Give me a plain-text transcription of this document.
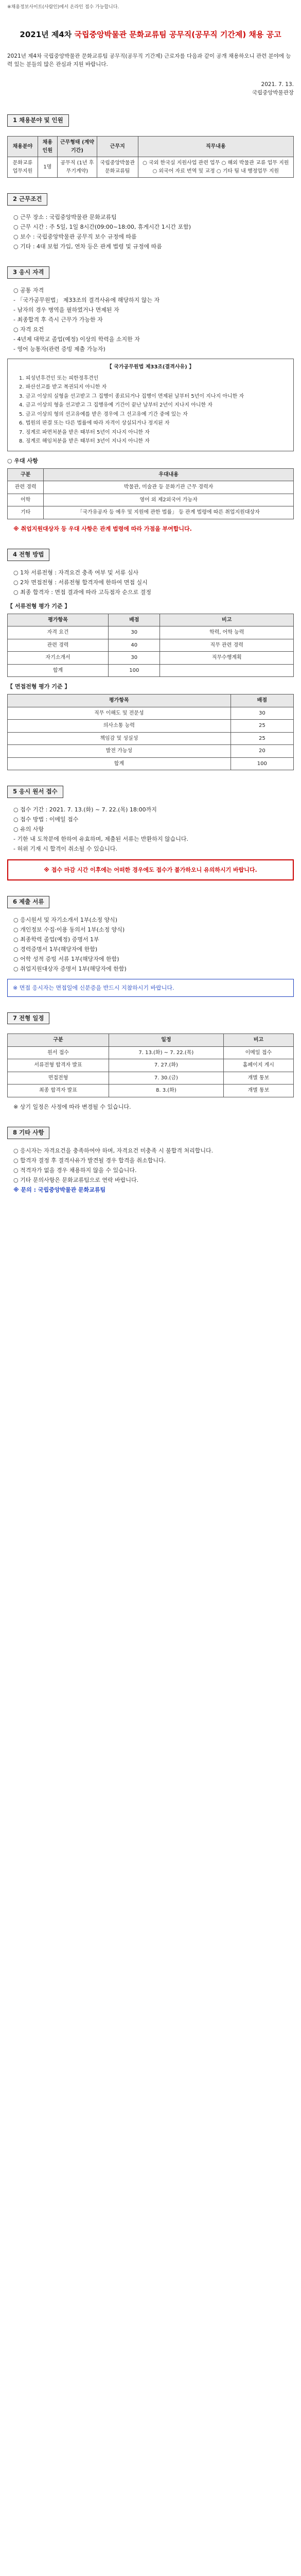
※채용정보사이트(사람인)에서 온라인 접수 가능합니다.
2021년 제4차 국립중앙박물관 문화교류팀 공무직(공무직 기간제) 채용 공고
2021년 제4차 국립중앙박물관 문화교류팀 공무직(공무직 기간제) 근로자를 다음과 같이 공개 채용하오니 관련 분야에 능력 있는 분들의 많은 관심과 지원 바랍니다.
2021. 7. 13.
국립중앙박물관장
1 채용분야 및 인원
채용분야	채용 인원	근무형태 (계약기간)	근무지	직무내용
문화교류 업무지원	1명	공무직 (1년 후 무기계약)	국립중앙박물관 문화교류팀	○ 국외 한국실 지원사업 관련 업무 ○ 해외 박물관 교류 업무 지원 ○ 외국어 자료 번역 및 교정 ○ 기타 팀 내 행정업무 지원
2 근무조건
○ 근무 장소 : 국립중앙박물관 문화교류팀
○ 근무 시간 : 주 5일, 1일 8시간(09:00~18:00, 휴게시간 1시간 포함)
○ 보수 : 국립중앙박물관 공무직 보수 규정에 따름
○ 기타 : 4대 보험 가입, 연차 등은 관계 법령 및 규정에 따름
3 응시 자격
○ 공통 자격
- 「국가공무원법」 제33조의 결격사유에 해당하지 않는 자
- 남자의 경우 병역을 필하였거나 면제된 자
- 최종합격 후 즉시 근무가 가능한 자
○ 자격 요건
- 4년제 대학교 졸업(예정) 이상의 학력을 소지한 자
- 영어 능통자(관련 증빙 제출 가능자)
【 국가공무원법 제33조(결격사유) 】
1. 피성년후견인 또는 피한정후견인
2. 파산선고를 받고 복권되지 아니한 자
3. 금고 이상의 실형을 선고받고 그 집행이 종료되거나 집행이 면제된 날부터 5년이 지나지 아니한 자
4. 금고 이상의 형을 선고받고 그 집행유예 기간이 끝난 날부터 2년이 지나지 아니한 자
5. 금고 이상의 형의 선고유예를 받은 경우에 그 선고유예 기간 중에 있는 자
6. 법원의 판결 또는 다른 법률에 따라 자격이 상실되거나 정지된 자
7. 징계로 파면처분을 받은 때부터 5년이 지나지 아니한 자
8. 징계로 해임처분을 받은 때부터 3년이 지나지 아니한 자
○ 우대 사항
구분	우대내용
관련 경력	박물관, 미술관 등 문화기관 근무 경력자
어학	영어 외 제2외국어 가능자
기타	「국가유공자 등 예우 및 지원에 관한 법률」 등 관계 법령에 따른 취업지원대상자
※ 취업지원대상자 등 우대 사항은 관계 법령에 따라 가점을 부여합니다.
4 전형 방법
○ 1차 서류전형 : 자격요건 충족 여부 및 서류 심사
○ 2차 면접전형 : 서류전형 합격자에 한하여 면접 실시
○ 최종 합격자 : 면접 결과에 따라 고득점자 순으로 결정
【 서류전형 평가 기준 】
평가항목	배점	비고
자격 요건	30	학력, 어학 능력
관련 경력	40	직무 관련 경력
자기소개서	30	직무수행계획
합계	100	
【 면접전형 평가 기준 】
평가항목	배점
직무 이해도 및 전문성	30
의사소통 능력	25
책임감 및 성실성	25
발전 가능성	20
합계	100
5 응시 원서 접수
○ 접수 기간 : 2021. 7. 13.(화) ~ 7. 22.(목) 18:00까지
○ 접수 방법 : 이메일 접수
○ 유의 사항
- 기한 내 도착분에 한하여 유효하며, 제출된 서류는 반환하지 않습니다.
- 허위 기재 시 합격이 취소될 수 있습니다.
※ 접수 마감 시간 이후에는 어떠한 경우에도 접수가 불가하오니 유의하시기 바랍니다.
6 제출 서류
○ 응시원서 및 자기소개서 1부(소정 양식)
○ 개인정보 수집·이용 동의서 1부(소정 양식)
○ 최종학력 졸업(예정) 증명서 1부
○ 경력증명서 1부(해당자에 한함)
○ 어학 성적 증빙 서류 1부(해당자에 한함)
○ 취업지원대상자 증명서 1부(해당자에 한함)
※ 면접 응시자는 면접일에 신분증을 반드시 지참하시기 바랍니다.
7 전형 일정
구분	일정	비고
원서 접수	7. 13.(화) ~ 7. 22.(목)	이메일 접수
서류전형 합격자 발표	7. 27.(화)	홈페이지 게시
면접전형	7. 30.(금)	개별 통보
최종 합격자 발표	8. 3.(화)	개별 통보
※ 상기 일정은 사정에 따라 변경될 수 있습니다.
8 기타 사항
○ 응시자는 자격요건을 충족하여야 하며, 자격요건 미충족 시 불합격 처리합니다.
○ 합격자 결정 후 결격사유가 발견될 경우 합격을 취소합니다.
○ 적격자가 없을 경우 채용하지 않을 수 있습니다.
○ 기타 문의사항은 문화교류팀으로 연락 바랍니다.
※ 문의 : 국립중앙박물관 문화교류팀
